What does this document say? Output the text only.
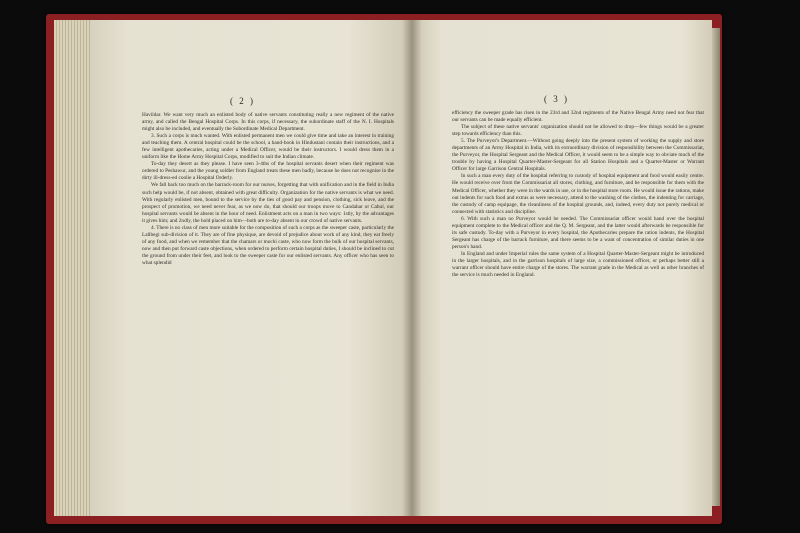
( 2 )

Havildar. We want very much an enlisted body of native servants constituting really a new regiment of the native army, and called the Bengal Hospital Corps. In this corps, if necessary, the subordinate staff of the N. I. Hospitals might also be included, and eventually the Subordinate Medical Department.

3. Such a corps is much wanted. With enlisted permanent men we could give time and take an interest in training and teaching them. A central hospital could be the school, a hand-book in Hindustani contain their instructions, and a few intelligent apothecaries, acting under a Medical Officer, would be their instructors. I would dress them in a uniform like the Home Army Hospital Corps, modified to suit the Indian climate.

To-day they desert as they please. I have seen 3-4ths of the hospital servants desert when their regiment was ordered to Peshawur, and the young soldier from England treats these men badly, because he does not recognise in the dirty ill-dress-ed coolie a Hospital Orderly.

We fall back too much on the barrack-room for our nurses, forgetting that with unification and in the field in India such help would be, if not absent, obtained with great difficulty. Organization for the native servants is what we need. With regularly enlisted men, bound to the service by the ties of good pay and pension, clothing, sick leave, and the prospect of promotion, we need never fear, as we now do, that should our troops move to Candahar or Cabul, our hospital servants would be absent in the hour of need. Enlistment acts on a man in two ways: 1stly, by the advantages it gives him; and 2ndly, the hold placed on him—both are to-day absent in our crowd of native servants.

4. There is no class of men more suitable for the composition of such a corps as the sweeper caste, particularly the Lallbegi sub-division of it. They are of fine physique, are devoid of prejudice about work of any kind, they eat freely of any food, and when we remember that the chamars or mochi caste, who now form the bulk of our hospital servants, now and then put forward caste objections, when ordered to perform certain hospital duties, I should be inclined to cut the ground from under their feet, and look to the sweeper caste for our enlisted servants. Any officer who has seen to what splendid

( 3 )

efficiency the sweeper grade has risen in the 23rd and 32nd regiments of the Native Bengal Army need not fear that our servants can be made equally efficient.

The subject of these native servants' organization should not be allowed to drop—few things would be a greater step towards efficiency than this.

5. The Purveyor's Department.—Without going deeply into the present system of working the supply and store departments of an Army Hospital in India, with its extraordinary division of responsibility between the Commissariat, the Purveyor, the Hospital Sergeant and the Medical Officer, it would seem to be a simple way to obviate much of the trouble by having a Hospital Quarter-Master-Sergeant for all Station Hospitals and a Quarter-Master or Warrant Officer for large Garrison Central Hospitals.

In such a man every duty of the hospital referring to custody of hospital equipment and food would easily centre. He would receive over from the Commissariat all stores, clothing, and furniture, and be responsible for them with the Medical Officer, whether they were in the wards in use, or in the hospital store room. He would issue the rations, make out indents for such food and extras as were necessary, attend to the washing of the clothes, the indenting for carriage, the custody of camp equipage, the cleanliness of the hospital grounds, and, indeed, every duty not purely medical or connected with statistics and discipline.

6. With such a man no Purveyor would be needed. The Commissariat officer would hand over the hospital equipment complete to the Medical officer and the Q. M. Sergeant, and the latter would afterwards be responsible for its safe custody. To-day with a Purveyor in every hospital, the Apothecaries prepare the ration indents, the Hospital Sergeant has charge of the barrack furniture, and there seems to be a want of concentration of similar duties in one person's hand.

In England and under Imperial rules the same system of a Hospital Quarter-Master-Sergeant might be introduced in the larger hospitals, and in the garrison hospitals of large size, a commissioned officer, or perhaps better still a warrant officer should have entire charge of the stores. The warrant grade in the Medical as well as other branches of the service is much needed in England.
